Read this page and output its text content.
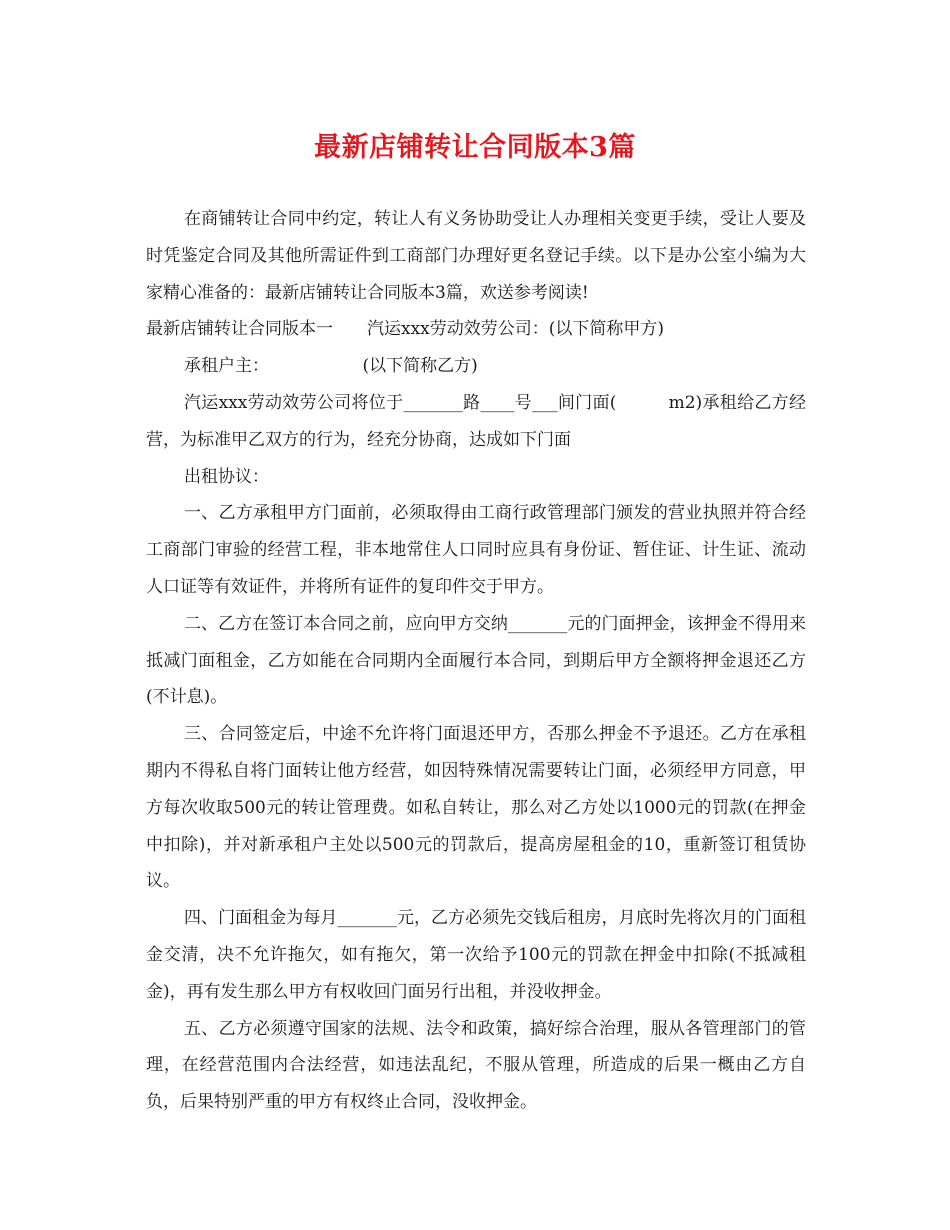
最新店铺转让合同版本3篇

在商铺转让合同中约定，转让人有义务协助受让人办理相关变更手续，受让人要及时凭鉴定合同及其他所需证件到工商部门办理好更名登记手续。以下是办公室小编为大家精心准备的：最新店铺转让合同版本3篇，欢送参考阅读!

最新店铺转让合同版本一　　汽运xxx劳动效劳公司：(以下简称甲方)

承租户主：　　　　　　(以下简称乙方)

汽运xxx劳动效劳公司将位于_______路____号___间门面(　　　m2)承租给乙方经营，为标准甲乙双方的行为，经充分协商，达成如下门面

出租协议：

一、乙方承租甲方门面前，必须取得由工商行政管理部门颁发的营业执照并符合经工商部门审验的经营工程，非本地常住人口同时应具有身份证、暂住证、计生证、流动人口证等有效证件，并将所有证件的复印件交于甲方。

二、乙方在签订本合同之前，应向甲方交纳_______元的门面押金，该押金不得用来抵减门面租金，乙方如能在合同期内全面履行本合同，到期后甲方全额将押金退还乙方(不计息)。

三、合同签定后，中途不允许将门面退还甲方，否那么押金不予退还。乙方在承租期内不得私自将门面转让他方经营，如因特殊情况需要转让门面，必须经甲方同意，甲方每次收取500元的转让管理费。如私自转让，那么对乙方处以1000元的罚款(在押金中扣除)，并对新承租户主处以500元的罚款后，提高房屋租金的10，重新签订租赁协议。

四、门面租金为每月_______元，乙方必须先交钱后租房，月底时先将次月的门面租金交清，决不允许拖欠，如有拖欠，第一次给予100元的罚款在押金中扣除(不抵减租金)，再有发生那么甲方有权收回门面另行出租，并没收押金。

五、乙方必须遵守国家的法规、法令和政策，搞好综合治理，服从各管理部门的管理，在经营范围内合法经营，如违法乱纪，不服从管理，所造成的后果一概由乙方自负，后果特别严重的甲方有权终止合同，没收押金。
